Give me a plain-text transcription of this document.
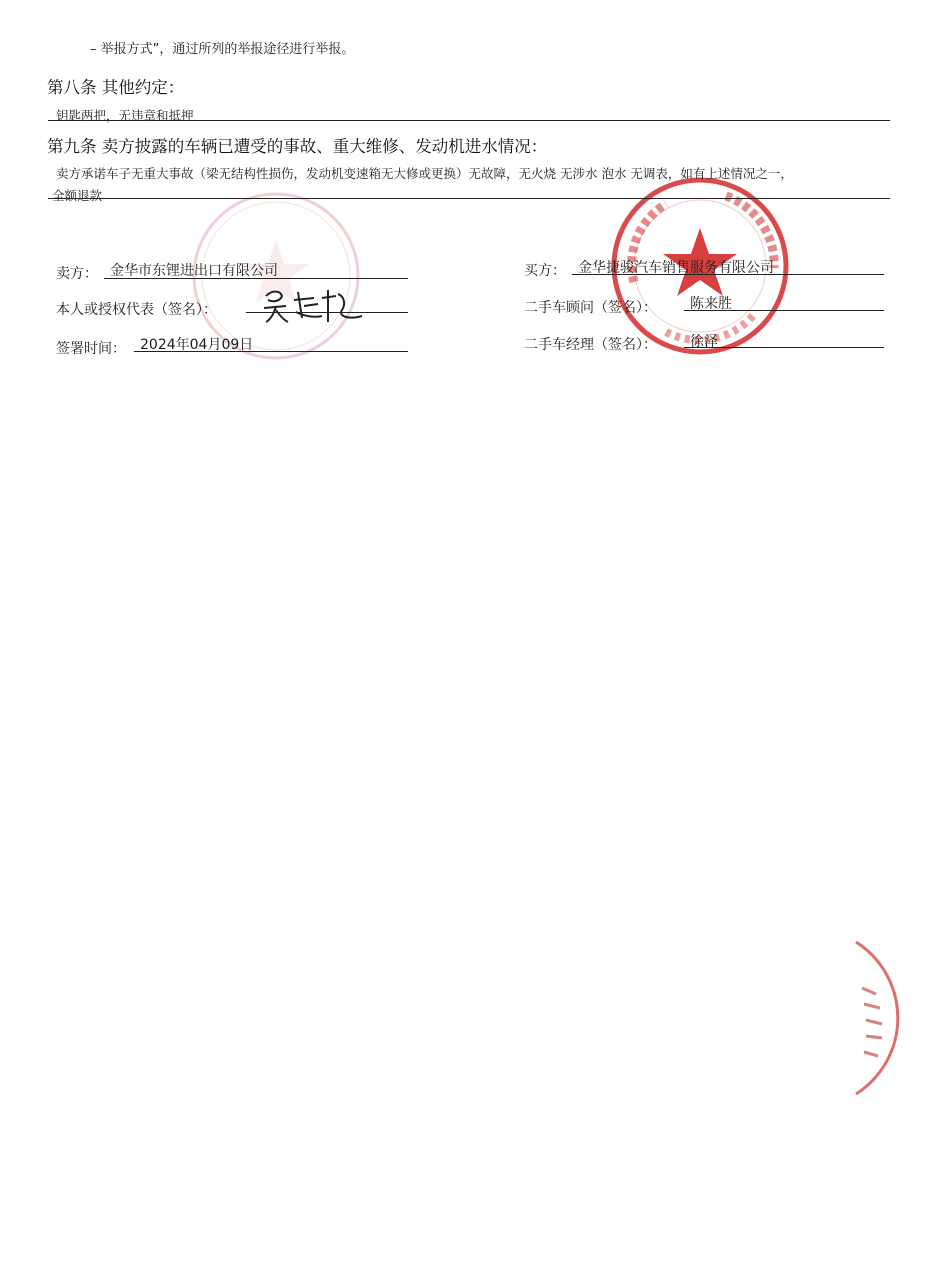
– 举报方式”，通过所列的举报途径进行举报。
第八条 其他约定：
钥匙两把，无违章和抵押
第九条 卖方披露的车辆已遭受的事故、重大维修、发动机进水情况：
卖方承诺车子无重大事故（梁无结构性损伤，发动机变速箱无大修或更换）无故障，无火烧 无涉水 泡水 无调表，如有上述情况之一，
全额退款
卖方： 金华市东锂进出口有限公司
本人或授权代表（签名）：
签署时间： 2024年04月09日
买方： 金华捷骏汽车销售服务有限公司
二手车顾问（签名）： 陈来胜
二手车经理（签名）： 徐泽
